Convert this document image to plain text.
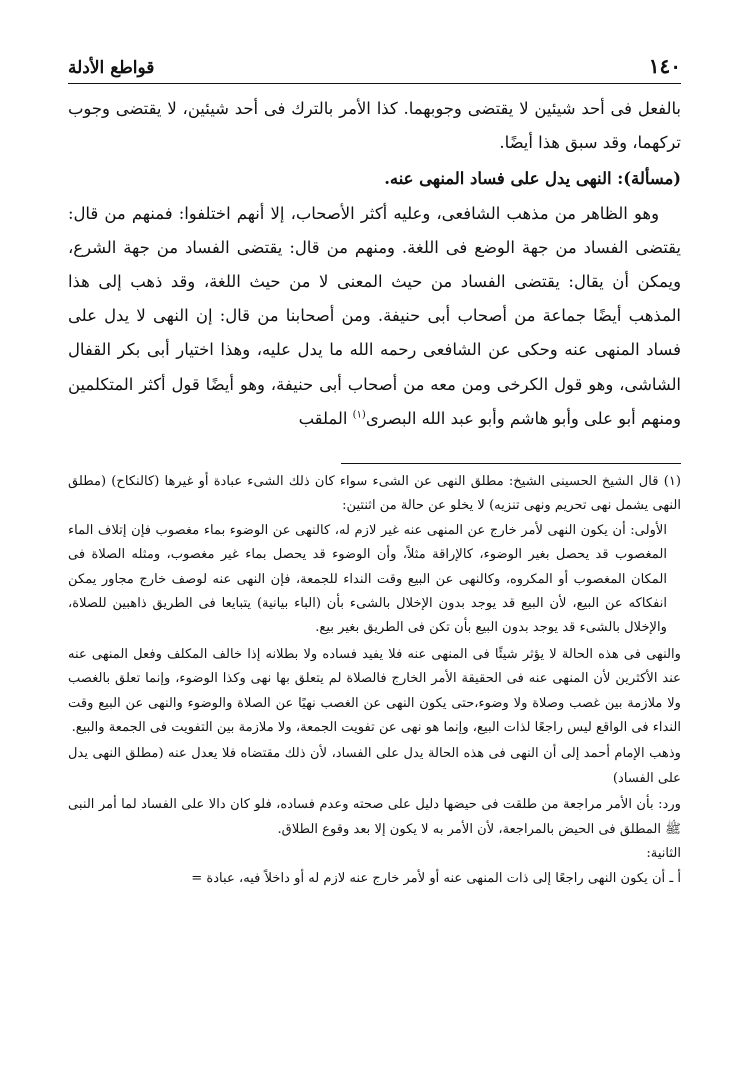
١٤٠
قواطع الأدلة

بالفعل فى أحد شيئين لا يقتضى وجوبهما. كذا الأمر بالترك فى أحد شيئين، لا يقتضى وجوب تركهما، وقد سبق هذا أيضًا.

(مسألة): النهى يدل على فساد المنهى عنه.

وهو الظاهر من مذهب الشافعى، وعليه أكثر الأصحاب، إلا أنهم اختلفوا: فمنهم من قال: يقتضى الفساد من جهة الوضع فى اللغة. ومنهم من قال: يقتضى الفساد من جهة الشرع، ويمكن أن يقال: يقتضى الفساد من حيث المعنى لا من حيث اللغة، وقد ذهب إلى هذا المذهب أيضًا جماعة من أصحاب أبى حنيفة. ومن أصحابنا من قال: إن النهى لا يدل على فساد المنهى عنه وحكى عن الشافعى رحمه الله ما يدل عليه، وهذا اختيار أبى بكر القفال الشاشى، وهو قول الكرخى ومن معه من أصحاب أبى حنيفة، وهو أيضًا قول أكثر المتكلمين ومنهم أبو على وأبو هاشم وأبو عبد الله البصرى$^{(١)}$ الملقب

(١) قال الشيخ الحسينى الشيخ: مطلق النهى عن الشىء سواء كان ذلك الشىء عبادة أو غيرها (كالنكاح) (مطلق النهى يشمل نهى تحريم ونهى تنزيه) لا يخلو عن حالة من اثنتين:

الأولى: أن يكون النهى لأمر خارج عن المنهى عنه غير لازم له، كالنهى عن الوضوء بماء مغصوب فإن إتلاف الماء المغصوب قد يحصل بغير الوضوء، كالإراقة مثلاً، وأن الوضوء قد يحصل بماء غير مغصوب، ومثله الصلاة فى المكان المغصوب أو المكروه، وكالنهى عن البيع وقت النداء للجمعة، فإن النهى عنه لوصف خارج مجاور يمكن انفكاكه عن البيع، لأن البيع قد يوجد بدون الإخلال بالشىء بأن (الباء بيانية) يتبايعا فى الطريق ذاهبين للصلاة، والإخلال بالشىء قد يوجد بدون البيع بأن تكن فى الطريق بغير بيع.

والنهى فى هذه الحالة لا يؤثر شيئًا فى المنهى عنه فلا يفيد فساده ولا بطلانه إذا خالف المكلف وفعل المنهى عنه عند الأكثرين لأن المنهى عنه فى الحقيقة الأمر الخارج فالصلاة لم يتعلق بها نهى وكذا الوضوء، وإنما تعلق بالغصب ولا ملازمة بين غصب وصلاة ولا وضوء،حتى يكون النهى عن الغصب نهيًا عن الصلاة والوضوء والنهى عن البيع وقت النداء فى الواقع ليس راجعًا لذات البيع، وإنما هو نهى عن تفويت الجمعة، ولا ملازمة بين التفويت فى الجمعة والبيع.

وذهب الإمام أحمد إلى أن النهى فى هذه الحالة يدل على الفساد، لأن ذلك مقتضاه فلا يعدل عنه (مطلق النهى يدل على الفساد)

ورد: بأن الأمر مراجعة من طلقت فى حيضها دليل على صحته وعدم فساده، فلو كان دالا على الفساد لما أمر النبى ﷺ المطلق فى الحيض بالمراجعة، لأن الأمر به لا يكون إلا بعد وقوع الطلاق.

الثانية:

أ ـ أن يكون النهى راجعًا إلى ذات المنهى عنه أو لأمر خارج عنه لازم له أو داخلاً فيه، عبادة =
